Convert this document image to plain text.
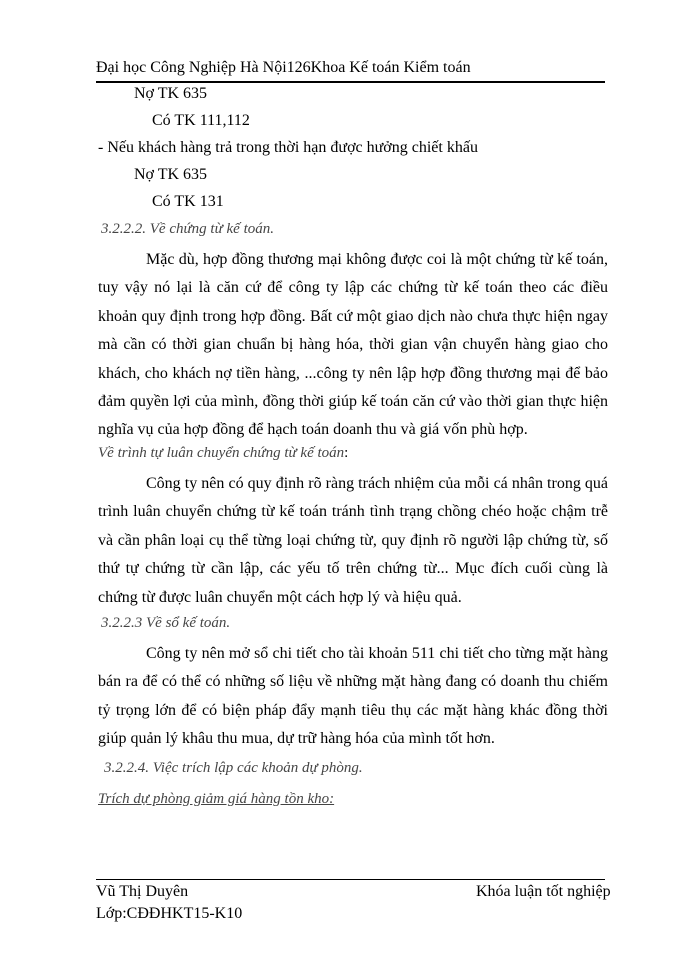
Đại học Công Nghiệp Hà Nội126Khoa Kế toán Kiểm toán
Nợ TK 635
Có TK 111,112
- Nếu khách hàng trả trong thời hạn được hưởng chiết khấu
Nợ TK 635
Có TK 131
3.2.2.2. Về chứng từ kế toán.
Mặc dù, hợp đồng thương mại không được coi là một chứng từ kế toán, tuy vậy nó lại là căn cứ để công ty lập các chứng từ kế toán theo các điều khoản quy định trong hợp đồng. Bất cứ một giao dịch nào chưa thực hiện ngay mà cần có thời gian chuẩn bị hàng hóa, thời gian vận chuyển hàng giao cho khách, cho khách nợ tiền hàng, ...công ty nên lập hợp đồng thương mại để bảo đảm quyền lợi của mình, đồng thời giúp kế toán căn cứ vào thời gian thực hiện nghĩa vụ của hợp đồng để hạch toán doanh thu và giá vốn phù hợp.
Về trình tự luân chuyển chứng từ kế toán:
Công ty nên có quy định rõ ràng trách nhiệm của mỗi cá nhân trong quá trình luân chuyển chứng từ kế toán tránh tình trạng chồng chéo hoặc chậm trễ và cần phân loại cụ thể từng loại chứng từ, quy định rõ người lập chứng từ, số thứ tự chứng từ cần lập, các yếu tố trên chứng từ... Mục đích cuối cùng là chứng từ được luân chuyển một cách hợp lý và hiệu quả.
3.2.2.3 Về sổ kế toán.
Công ty nên mở sổ chi tiết cho tài khoản 511 chi tiết cho từng mặt hàng bán ra để có thể có những số liệu về những mặt hàng đang có doanh thu chiếm tỷ trọng lớn để có biện pháp đẩy mạnh tiêu thụ các mặt hàng khác đồng thời giúp quản lý khâu thu mua, dự trữ hàng hóa của mình tốt hơn.
3.2.2.4. Việc trích lập các khoản dự phòng.
Trích dự phòng giảm giá hàng tồn kho:
Vũ Thị Duyên	Khóa luận tốt nghiệp
Lớp:CĐĐHKT15-K10
